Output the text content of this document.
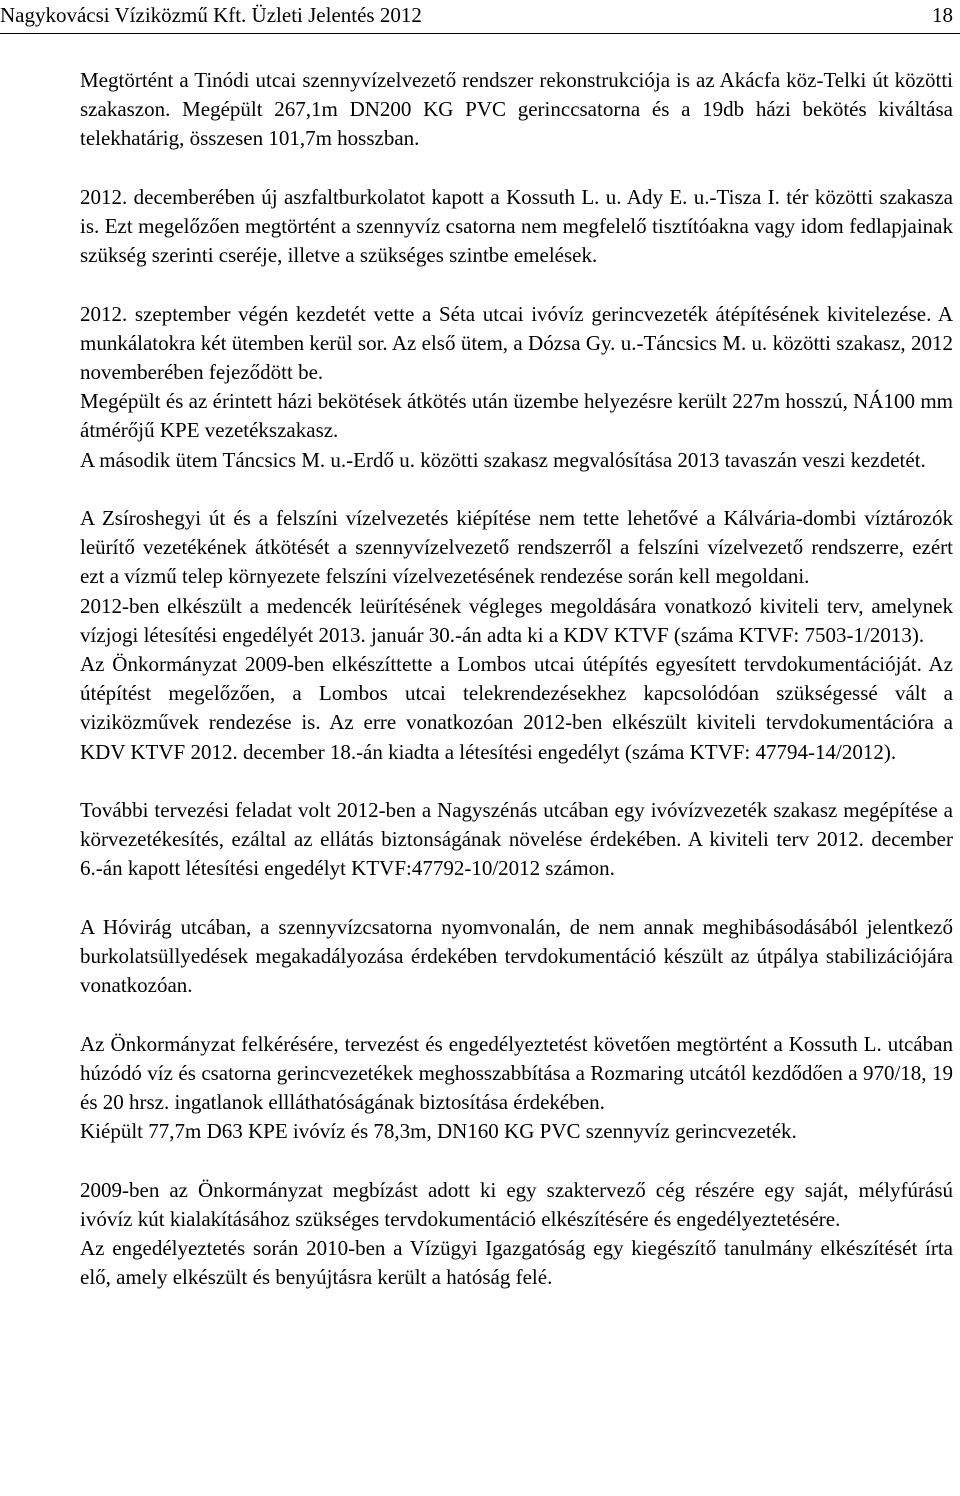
Nagykovácsi Víziközmű Kft. Üzleti Jelentés 2012	18

Megtörtént a Tinódi utcai szennyvízelvezető rendszer rekonstrukciója is az Akácfa köz-Telki út közötti szakaszon. Megépült 267,1m DN200 KG PVC gerinccsatorna és a 19db házi bekötés kiváltása telekhatárig, összesen 101,7m hosszban.

2012. decemberében új aszfaltburkolatot kapott a Kossuth L. u. Ady E. u.-Tisza I. tér közötti szakasza is. Ezt megelőzően megtörtént a szennyvíz csatorna nem megfelelő tisztítóakna vagy idom fedlapjainak szükség szerinti cseréje, illetve a szükséges szintbe emelések.

2012. szeptember végén kezdetét vette a Séta utcai ivóvíz gerincvezeték átépítésének kivitelezése. A munkálatokra két ütemben kerül sor. Az első ütem, a Dózsa Gy. u.-Táncsics M. u. közötti szakasz, 2012 novemberében fejeződött be.

Megépült és az érintett házi bekötések átkötés után üzembe helyezésre került 227m hosszú, NÁ100 mm átmérőjű KPE vezetékszakasz.

A második ütem Táncsics M. u.-Erdő u. közötti szakasz megvalósítása 2013 tavaszán veszi kezdetét.

A Zsíroshegyi út és a felszíni vízelvezetés kiépítése nem tette lehetővé a Kálvária-dombi víztározók leürítő vezetékének átkötését a szennyvízelvezető rendszerről a felszíni vízelvezető rendszerre, ezért ezt a vízmű telep környezete felszíni vízelvezetésének rendezése során kell megoldani.

2012-ben elkészült a medencék leürítésének végleges megoldására vonatkozó kiviteli terv, amelynek vízjogi létesítési engedélyét 2013. január 30.-án adta ki a KDV KTVF (száma KTVF: 7503-1/2013).

Az Önkormányzat 2009-ben elkészíttette a Lombos utcai útépítés egyesített tervdokumentációját. Az útépítést megelőzően, a Lombos utcai telekrendezésekhez kapcsolódóan szükségessé vált a viziközművek rendezése is. Az erre vonatkozóan 2012-ben elkészült kiviteli tervdokumentációra a KDV KTVF 2012. december 18.-án kiadta a létesítési engedélyt (száma KTVF: 47794-14/2012).

További tervezési feladat volt 2012-ben a Nagyszénás utcában egy ivóvízvezeték szakasz megépítése a körvezetékesítés, ezáltal az ellátás biztonságának növelése érdekében. A kiviteli terv 2012. december 6.-án kapott létesítési engedélyt KTVF:47792-10/2012 számon.

A Hóvirág utcában, a szennyvízcsatorna nyomvonalán, de nem annak meghibásodásából jelentkező burkolatsüllyedések megakadályozása érdekében tervdokumentáció készült az útpálya stabilizációjára vonatkozóan.

Az Önkormányzat felkérésére, tervezést és engedélyeztetést követően megtörtént a Kossuth L. utcában húzódó víz és csatorna gerincvezetékek meghosszabbítása a Rozmaring utcától kezdődően a 970/18, 19 és 20 hrsz. ingatlanok ellláthatóságának biztosítása érdekében.

Kiépült 77,7m D63 KPE ivóvíz és 78,3m, DN160 KG PVC szennyvíz gerincvezeték.

2009-ben az Önkormányzat megbízást adott ki egy szaktervező cég részére egy saját, mélyfúrású ivóvíz kút kialakításához szükséges tervdokumentáció elkészítésére és engedélyeztetésére.

Az engedélyeztetés során 2010-ben a Vízügyi Igazgatóság egy kiegészítő tanulmány elkészítését írta elő, amely elkészült és benyújtásra került a hatóság felé.
